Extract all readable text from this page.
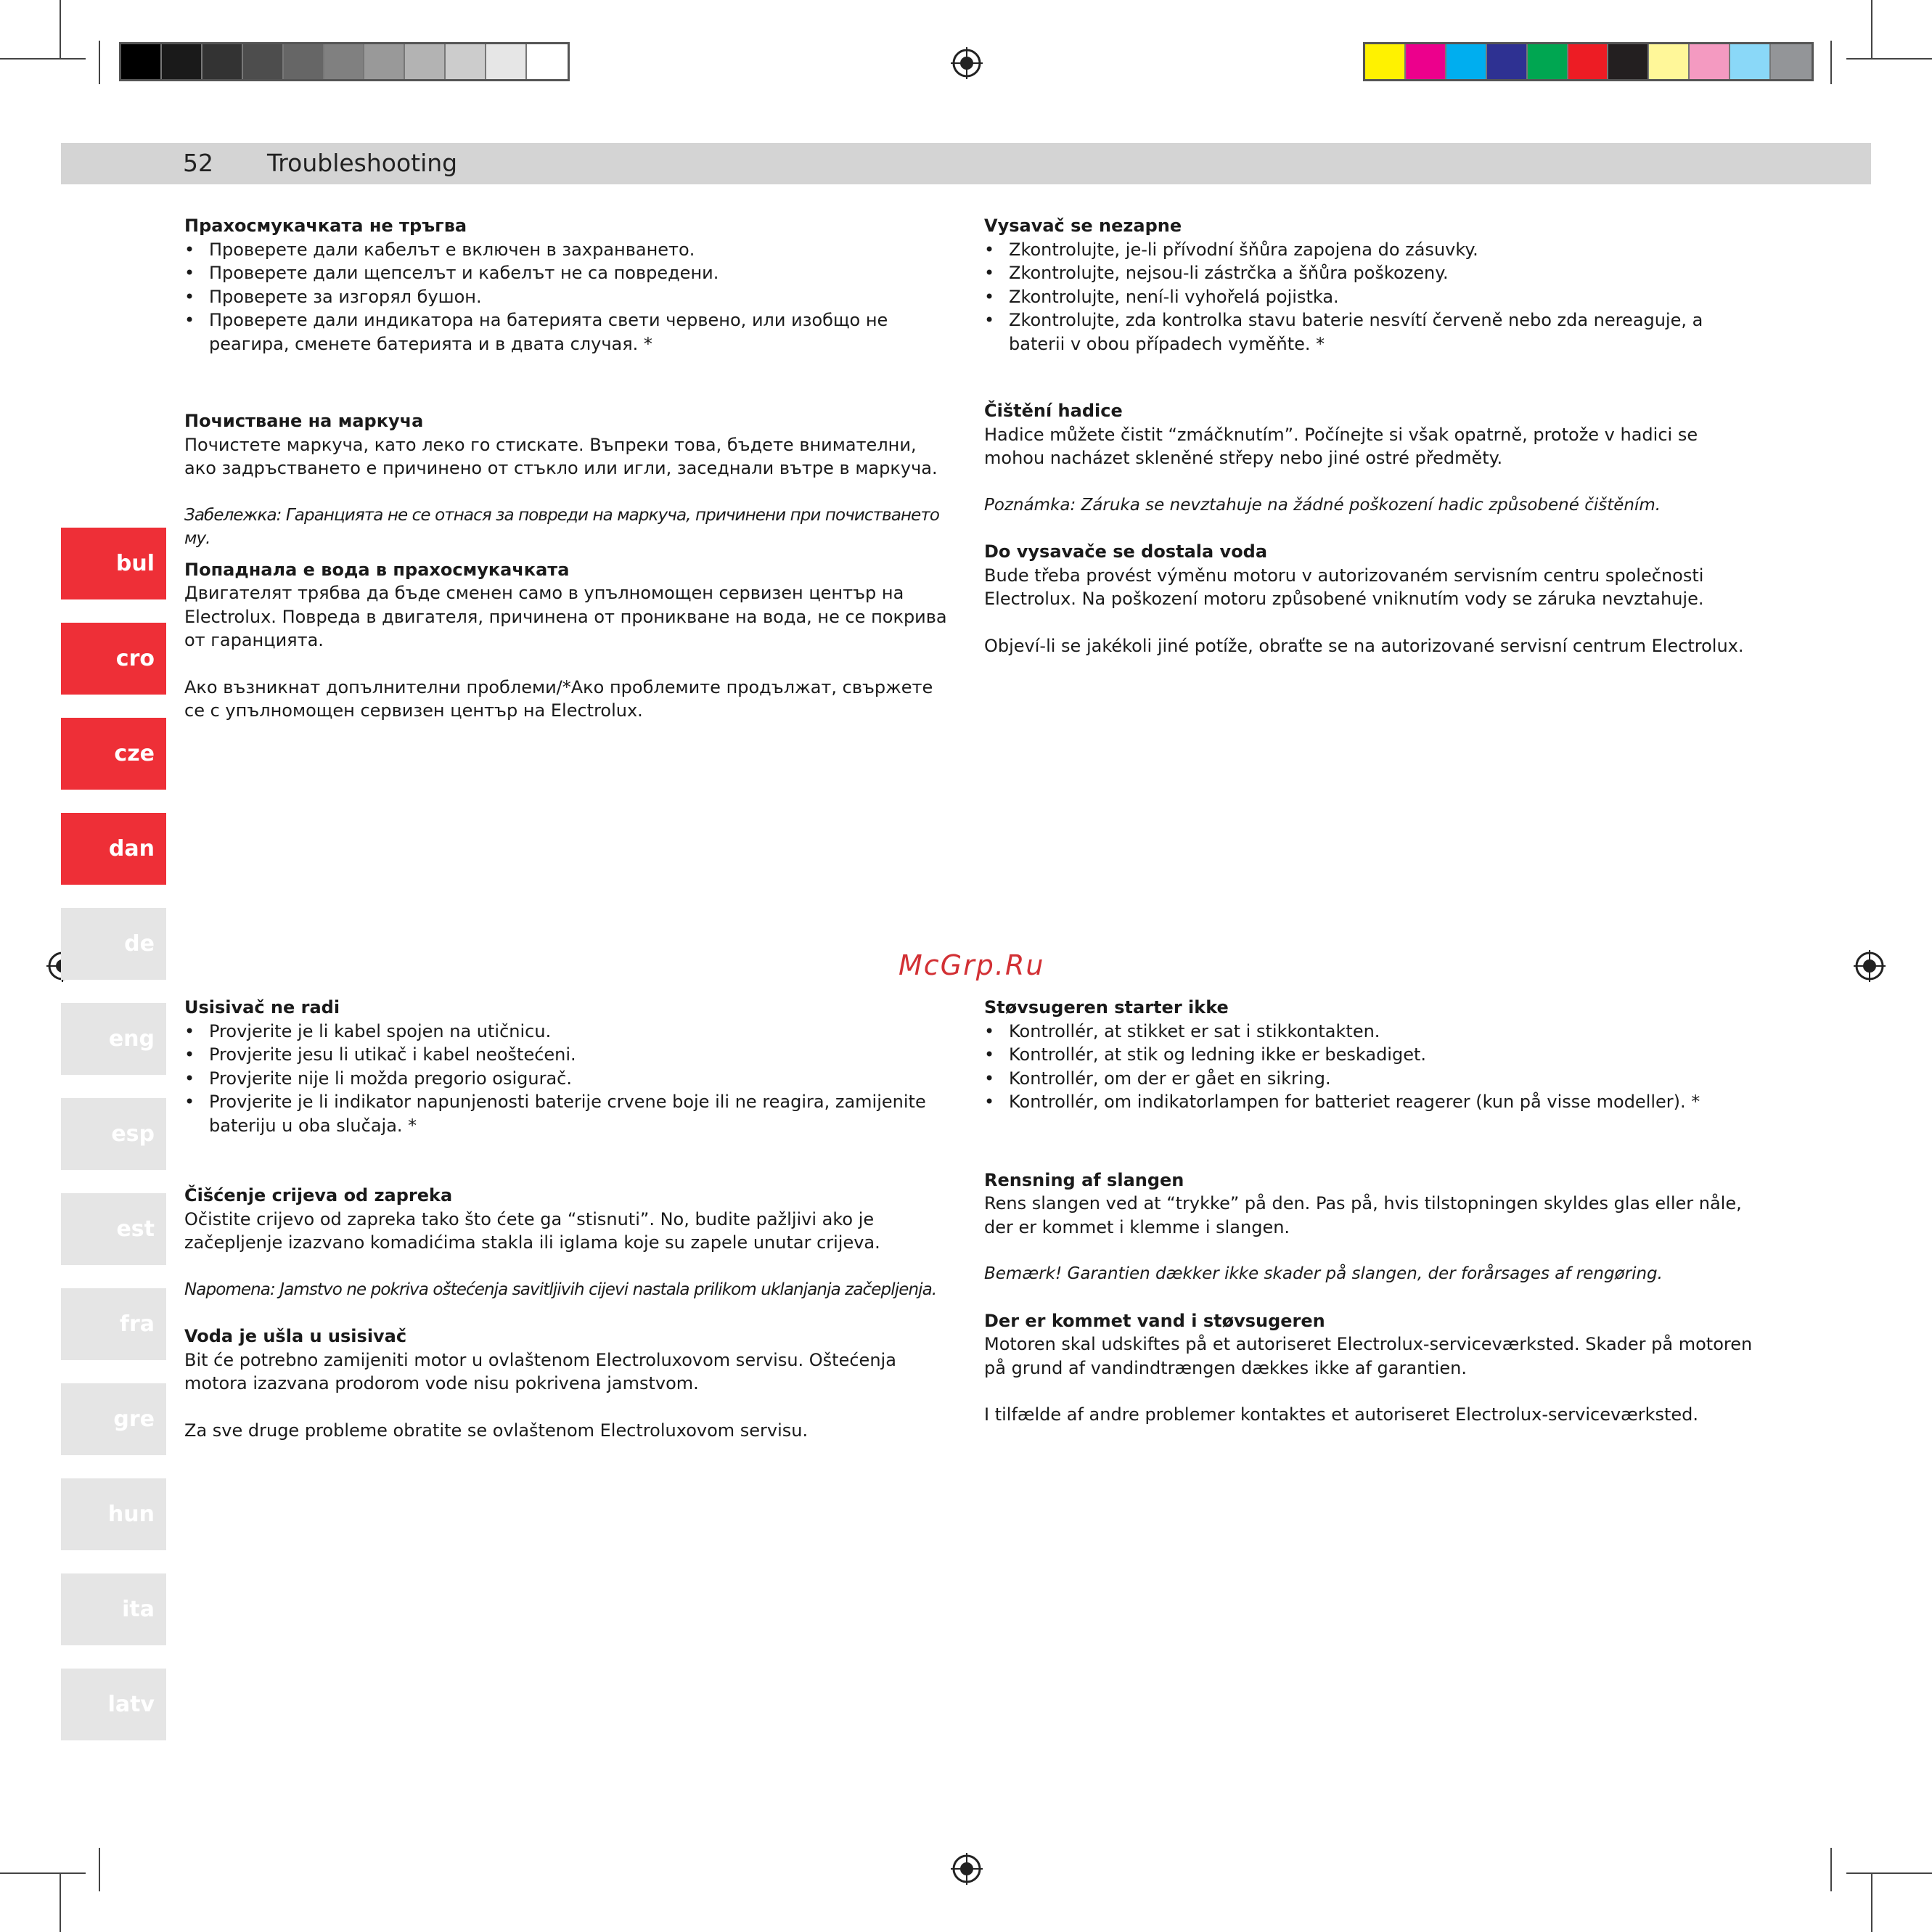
52 Troubleshooting
bul
cro
cze
dan
de
eng
esp
est
fra
gre
hun
ita
latv
McGrp.Ru
Прахосмукачката не тръгва
• Проверете дали кабелът е включен в захранването.
• Проверете дали щепселът и кабелът не са повредени.
• Проверете за изгорял бушон.
• Проверете дали индикатора на батерията свети червено, или изобщо не реагира, сменете батерията и в двата случая. *
Почистване на маркуча

Почистете маркуча, като леко го стискате. Въпреки това, бъдете внимателни, ако задръстването е причинено от стъкло или игли, заседнали вътре в маркуча.

Забележка: Гаранцията не се отнася за повреди на маркуча, причинени при почистването му.

Попаднала е вода в прахосмукачката

Двигателят трябва да бъде сменен само в упълномощен сервизен център на Electrolux. Повреда в двигателя, причинена от проникване на вода, не се покрива от гаранцията.

Ако възникнат допълнителни проблеми/*Ако проблемите продължат, свържете се с упълномощен сервизен център на Electrolux.

Vysavač se nezapne
• Zkontrolujte, je-li přívodní šňůra zapojena do zásuvky.
• Zkontrolujte, nejsou-li zástrčka a šňůra poškozeny.
• Zkontrolujte, není-li vyhořelá pojistka.
• Zkontrolujte, zda kontrolka stavu baterie nesvítí červeně nebo zda nereaguje, a baterii v obou případech vyměňte. *
Čištění hadice

Hadice můžete čistit “zmáčknutím”. Počínejte si však opatrně, protože v hadici se mohou nacházet skleněné střepy nebo jiné ostré předměty.

Poznámka: Záruka se nevztahuje na žádné poškození hadic způsobené čištěním.

Do vysavače se dostala voda

Bude třeba provést výměnu motoru v autorizovaném servisním centru společnosti Electrolux. Na poškození motoru způsobené vniknutím vody se záruka nevztahuje.

Objeví-li se jakékoli jiné potíže, obraťte se na autorizované servisní centrum Electrolux.

Usisivač ne radi
• Provjerite je li kabel spojen na utičnicu.
• Provjerite jesu li utikač i kabel neoštećeni.
• Provjerite nije li možda pregorio osigurač.
• Provjerite je li indikator napunjenosti baterije crvene boje ili ne reagira, zamijenite bateriju u oba slučaja. *
Čišćenje crijeva od zapreka

Očistite crijevo od zapreka tako što ćete ga “stisnuti”. No, budite pažljivi ako je začepljenje izazvano komadićima stakla ili iglama koje su zapele unutar crijeva.

Napomena: Jamstvo ne pokriva oštećenja savitljivih cijevi nastala prilikom uklanjanja začepljenja.

Voda je ušla u usisivač

Bit će potrebno zamijeniti motor u ovlaštenom Electroluxovom servisu. Oštećenja motora izazvana prodorom vode nisu pokrivena jamstvom.

Za sve druge probleme obratite se ovlaštenom Electroluxovom servisu.

Støvsugeren starter ikke
• Kontrollér, at stikket er sat i stikkontakten.
• Kontrollér, at stik og ledning ikke er beskadiget.
• Kontrollér, om der er gået en sikring.
• Kontrollér, om indikatorlampen for batteriet reagerer (kun på visse modeller). *
Rensning af slangen

Rens slangen ved at “trykke” på den. Pas på, hvis tilstopningen skyldes glas eller nåle, der er kommet i klemme i slangen.

Bemærk! Garantien dækker ikke skader på slangen, der forårsages af rengøring.

Der er kommet vand i støvsugeren

Motoren skal udskiftes på et autoriseret Electrolux-serviceværksted. Skader på motoren på grund af vandindtrængen dækkes ikke af garantien.

I tilfælde af andre problemer kontaktes et autoriseret Electrolux-serviceværksted.
